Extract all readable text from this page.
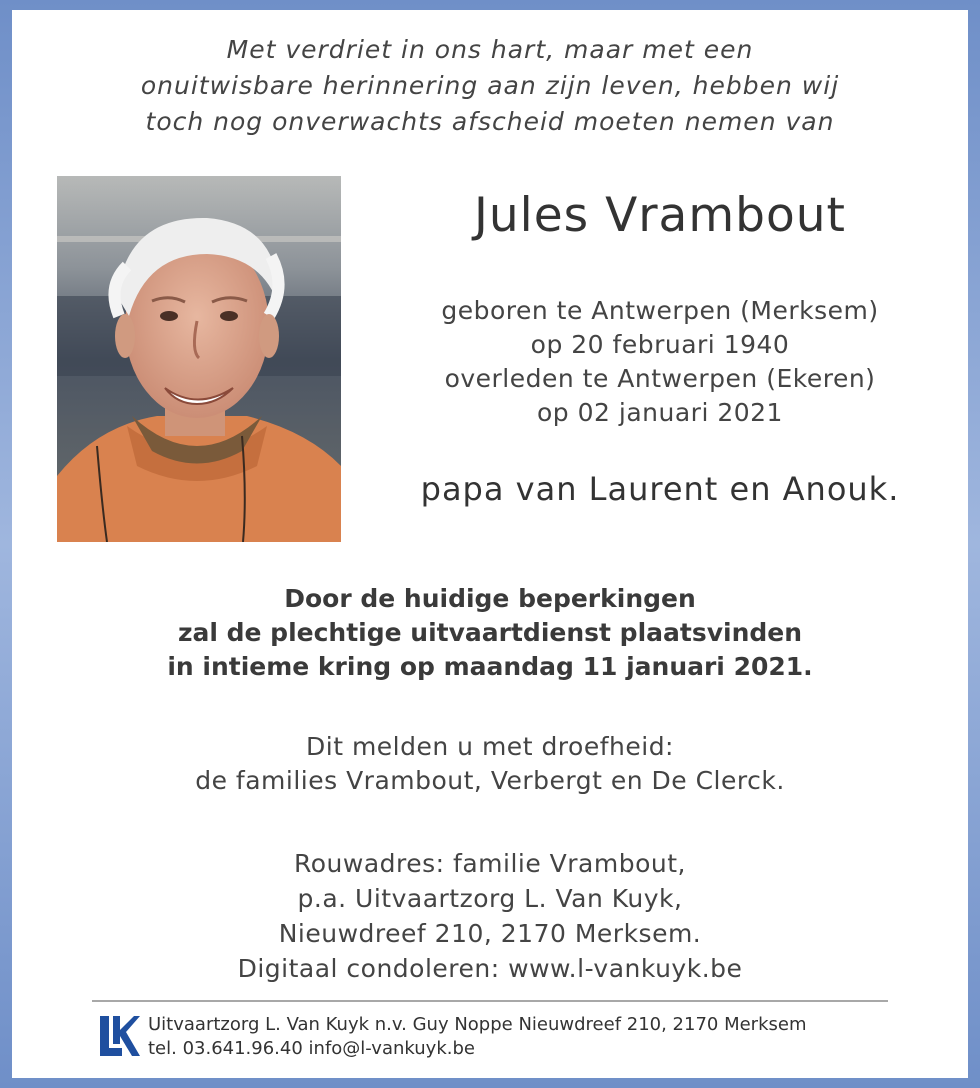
Met verdriet in ons hart, maar met een
onuitwisbare herinnering aan zijn leven, hebben wij
toch nog onverwachts afscheid moeten nemen van
Jules Vrambout
geboren te Antwerpen (Merksem)
op 20 februari 1940
overleden te Antwerpen (Ekeren)
op 02 januari 2021
papa van Laurent en Anouk.
Door de huidige beperkingen
zal de plechtige uitvaartdienst plaatsvinden
in intieme kring op maandag 11 januari 2021.
Dit melden u met droefheid:
de families Vrambout, Verbergt en De Clerck.
Rouwadres: familie Vrambout,
p.a. Uitvaartzorg L. Van Kuyk,
Nieuwdreef 210, 2170 Merksem.
Digitaal condoleren: www.l-vankuyk.be
Uitvaartzorg L. Van Kuyk n.v. Guy Noppe Nieuwdreef 210, 2170 Merksem
tel. 03.641.96.40 info@l-vankuyk.be
